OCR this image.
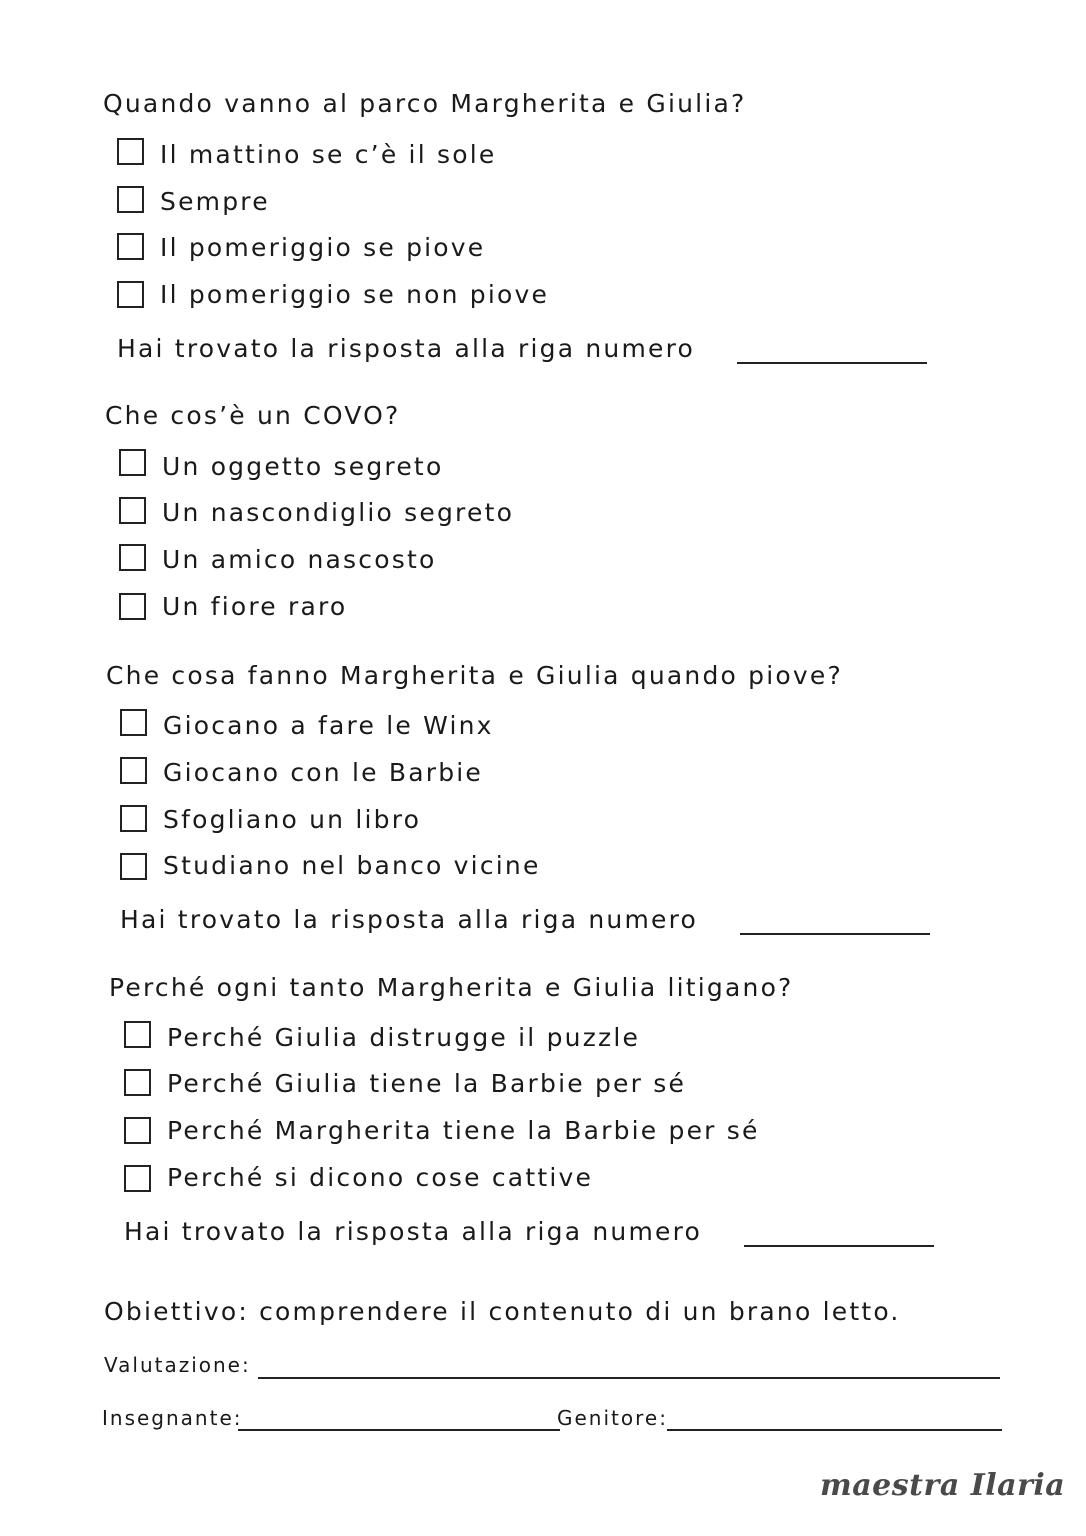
Quando vanno al parco Margherita e Giulia?
Il mattino se c’è il sole
Sempre
Il pomeriggio se piove
Il pomeriggio se non piove
Hai trovato la risposta alla riga numero
Che cos’è un COVO?
Un oggetto segreto
Un nascondiglio segreto
Un amico nascosto
Un fiore raro
Che cosa fanno Margherita e Giulia quando piove?
Giocano a fare le Winx
Giocano con le Barbie
Sfogliano un libro
Studiano nel banco vicine
Hai trovato la risposta alla riga numero
Perché ogni tanto Margherita e Giulia litigano?
Perché Giulia distrugge il puzzle
Perché Giulia tiene la Barbie per sé
Perché Margherita tiene la Barbie per sé
Perché si dicono cose cattive
Hai trovato la risposta alla riga numero
Obiettivo: comprendere il contenuto di un brano letto.
Valutazione:
Insegnante:	Genitore:
maestra Ilaria
